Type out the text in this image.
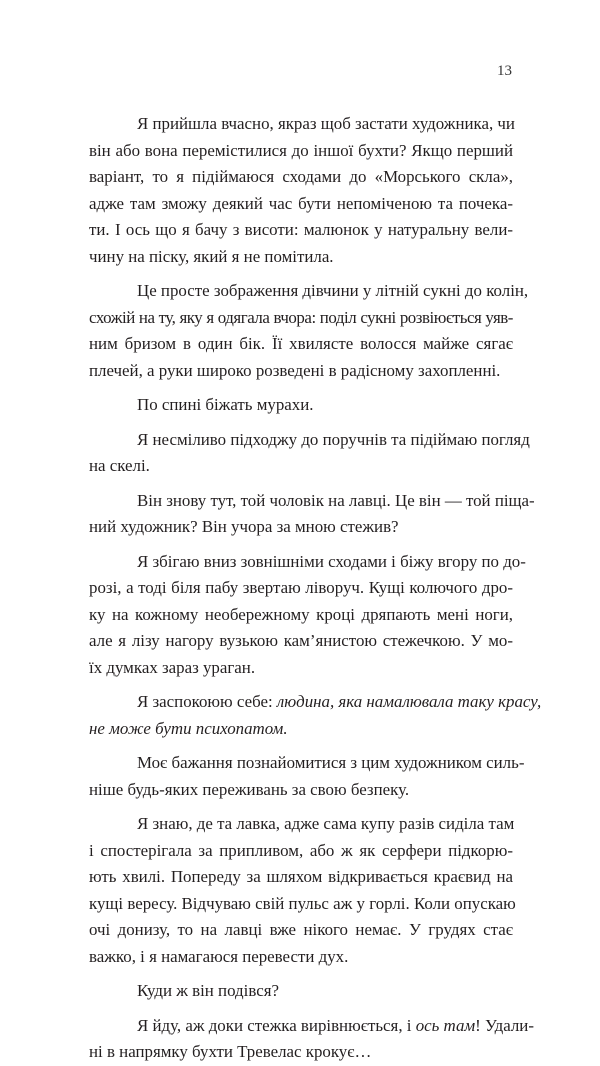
13

Я прийшла вчасно, якраз щоб застати художника, чи
він або вона перемістилися до іншої бухти? Якщо перший
варіант, то я підіймаюся сходами до «Морського скла»,
адже там зможу деякий час бути непоміченою та почека-
ти. І ось що я бачу з висоти: малюнок у натуральну вели-
чину на піску, який я не помітила.

Це просте зображення дівчини у літній сукні до колін,
схожій на ту, яку я одягала вчора: поділ сукні розвіюється уяв-
ним бризом в один бік. Її хвилясте волосся майже сягає
плечей, а руки широко розведені в радісному захопленні.

По спині біжать мурахи.

Я несміливо підходжу до поручнів та підіймаю погляд
на скелі.

Він знову тут, той чоловік на лавці. Це він — той піща-
ний художник? Він учора за мною стежив?

Я збігаю вниз зовнішніми сходами і біжу вгору по до-
розі, а тоді біля пабу звертаю ліворуч. Кущі колючого дро-
ку на кожному необережному кроці дряпають мені ноги,
але я лізу нагору вузькою кам’янистою стежечкою. У мо-
їх думках зараз ураган.

Я заспокоюю себе: людина, яка намалювала таку красу,
не може бути психопатом.

Моє бажання познайомитися з цим художником силь-
ніше будь-яких переживань за свою безпеку.

Я знаю, де та лавка, адже сама купу разів сиділа там
і спостерігала за припливом, або ж як серфери підкорю-
ють хвилі. Попереду за шляхом відкривається краєвид на
кущі вересу. Відчуваю свій пульс аж у горлі. Коли опускаю
очі донизу, то на лавці вже нікого немає. У грудях стає
важко, і я намагаюся перевести дух.

Куди ж він подівся?

Я йду, аж доки стежка вирівнюється, і ось там! Удали-
ні в напрямку бухти Тревелас крокує…
